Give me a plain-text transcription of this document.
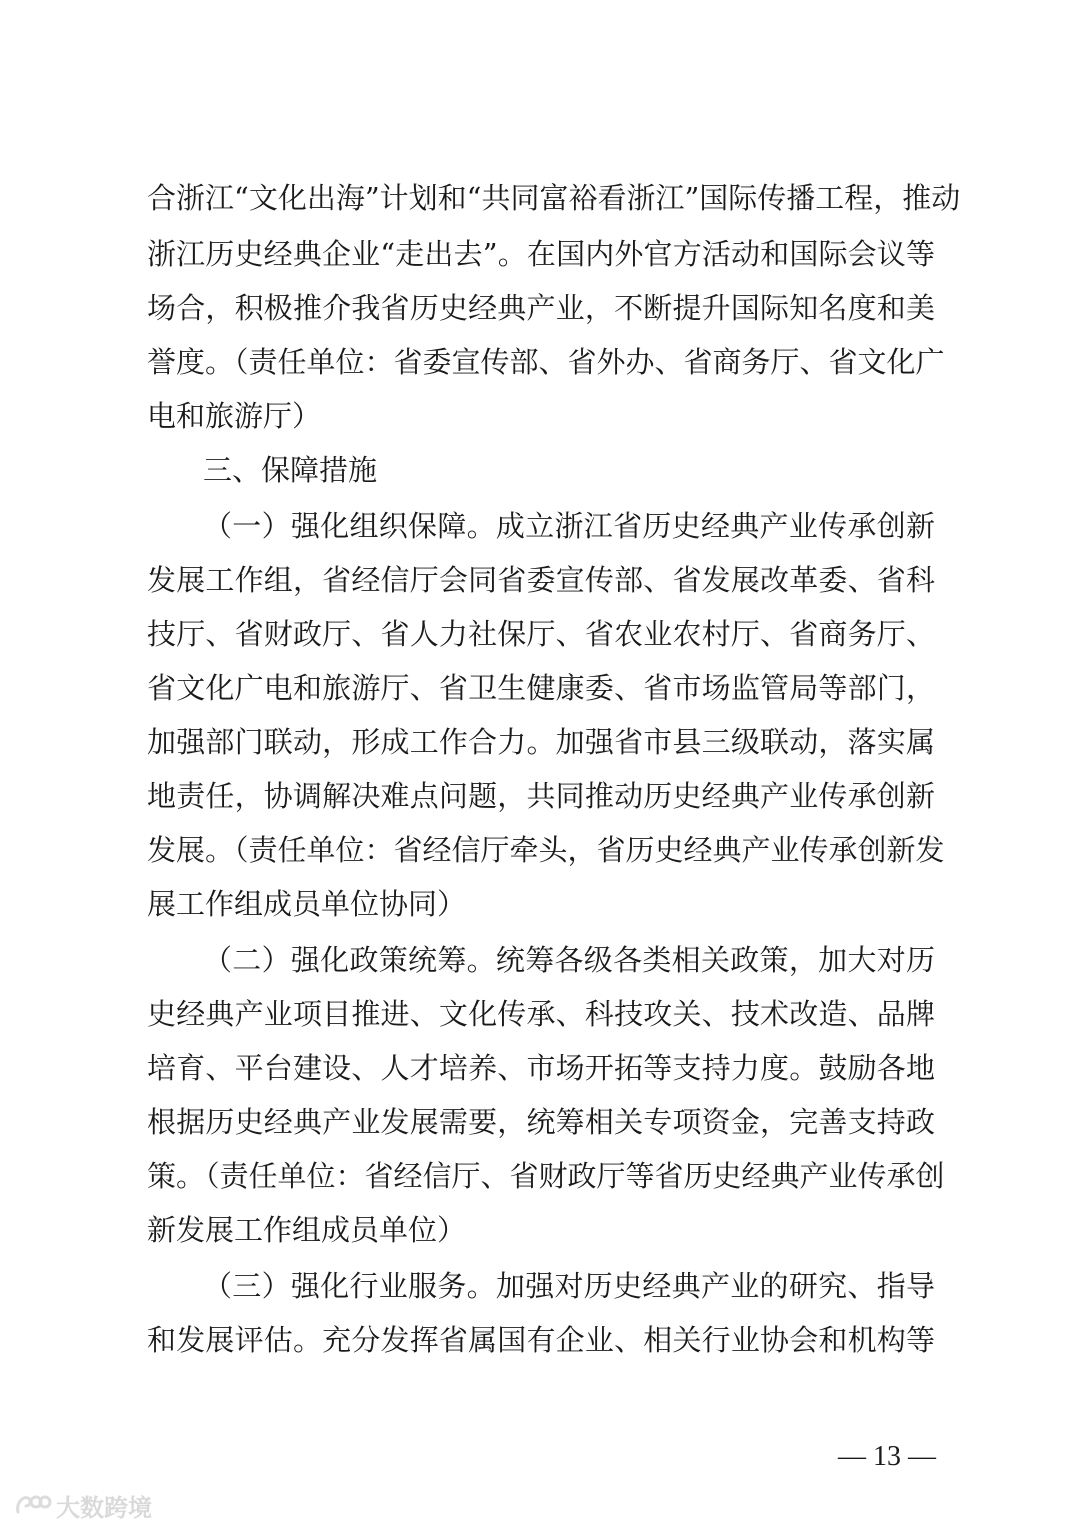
合浙江“文化出海”计划和“共同富裕看浙江”国际传播工程，推动
浙江历史经典企业“走出去”。在国内外官方活动和国际会议等
场合，积极推介我省历史经典产业，不断提升国际知名度和美
誉度。（责任单位：省委宣传部、省外办、省商务厅、省文化广
电和旅游厅）
三、保障措施
（一）强化组织保障。成立浙江省历史经典产业传承创新
发展工作组，省经信厅会同省委宣传部、省发展改革委、省科
技厅、省财政厅、省人力社保厅、省农业农村厅、省商务厅、
省文化广电和旅游厅、省卫生健康委、省市场监管局等部门，
加强部门联动，形成工作合力。加强省市县三级联动，落实属
地责任，协调解决难点问题，共同推动历史经典产业传承创新
发展。（责任单位：省经信厅牵头，省历史经典产业传承创新发
展工作组成员单位协同）
（二）强化政策统筹。统筹各级各类相关政策，加大对历
史经典产业项目推进、文化传承、科技攻关、技术改造、品牌
培育、平台建设、人才培养、市场开拓等支持力度。鼓励各地
根据历史经典产业发展需要，统筹相关专项资金，完善支持政
策。（责任单位：省经信厅、省财政厅等省历史经典产业传承创
新发展工作组成员单位）
（三）强化行业服务。加强对历史经典产业的研究、指导
和发展评估。充分发挥省属国有企业、相关行业协会和机构等
— 13 —
大数跨境
